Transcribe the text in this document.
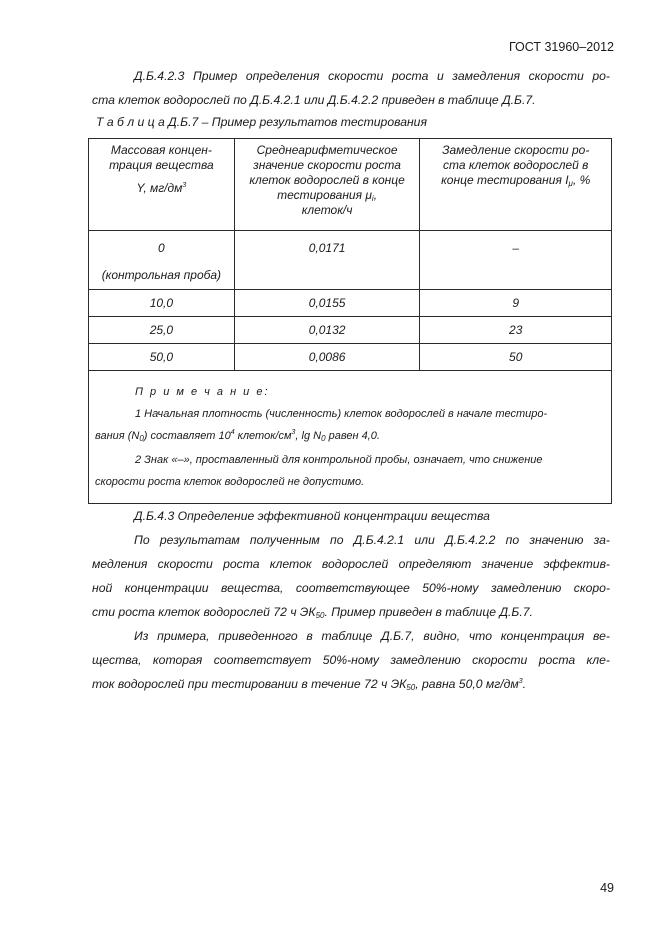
ГОСТ 31960–2012
Д.Б.4.2.3 Пример определения скорости роста и замедления скорости ро-
ста клеток водорослей по Д.Б.4.2.1 или Д.Б.4.2.2 приведен в таблице Д.Б.7.
Т а б л и ц а Д.Б.7 – Пример результатов тестирования
Массовая концен-
трация вещества
Y, $мг/дм^3$	Среднеарифметическое
значение скорости роста
клеток водорослей в конце
тестирования $\mu_i$,
клеток/ч	Замедление скорости ро-
ста клеток водорослей в
конце тестирования $I_\mu$, %

0
(контрольная проба)	0,0171	–
10,0	0,0155	9
25,0	0,0132	23
50,0	0,0086	50

П р и м е ч а н и е:
1 Начальная плотность (численность) клеток водорослей в начале тестиро-
вания $(N_0)$ составляет $10^4$ клеток/$см^3$, $\lg N_0$ равен 4,0.
2 Знак «–», проставленный для контрольной пробы, означает, что снижение
скорости роста клеток водорослей не допустимо.		
Д.Б.4.3 Определение эффективной концентрации вещества
По результатам полученным по Д.Б.4.2.1 или Д.Б.4.2.2 по значению за-
медления скорости роста клеток водорослей определяют значение эффектив-
ной концентрации вещества, соответствующее 50%-ному замедлению скоро-
сти роста клеток водорослей 72 ч $ЭК_{50}$. Пример приведен в таблице Д.Б.7.
Из примера, приведенного в таблице Д.Б.7, видно, что концентрация ве-
щества, которая соответствует 50%-ному замедлению скорости роста кле-
ток водорослей при тестировании в течение 72 ч $ЭК_{50}$, равна 50,0 $мг/дм^3$.
49
